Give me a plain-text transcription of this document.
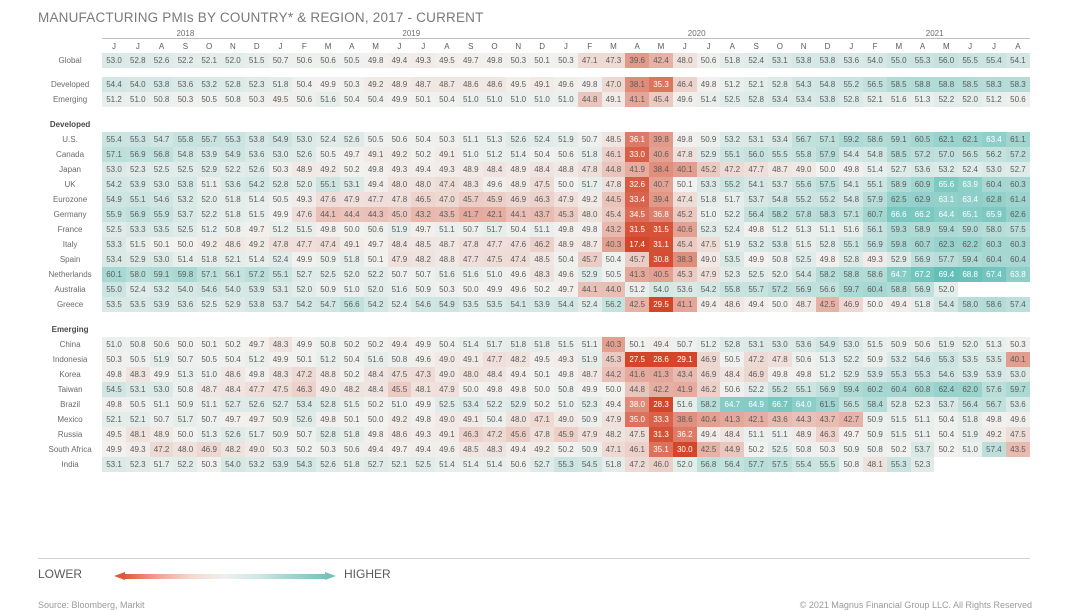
MANUFACTURING PMIs BY COUNTRY* & REGION, 2017 - CURRENT
	2018							2019												2020												2021							

	J	J	A	S	O	N	D	J	F	M	A	M	J	J	A	S	O	N	D	J	F	M	A	M	J	J	A	S	O	N	D	J	F	M	A	M	J	J	A
Global	53.0	52.8	52.6	52.2	52.1	52.0	51.5	50.7	50.6	50.6	50.5	49.8	49.4	49.3	49.5	49.7	49.8	50.3	50.1	50.3	47.1	47.3	39.6	42.4	48.0	50.6	51.8	52.4	53.1	53.8	53.8	53.6	54.0	55.0	55.3	56.0	55.5	55.4	54.1

Developed	54.4	54.0	53.8	53.6	53.2	52.8	52.3	51.8	50.4	49.9	50.3	49.2	48.9	48.7	48.7	48.6	48.6	49.5	49.1	49.6	49.8	47.0	38.1	35.3	46.4	49.8	51.2	52.1	52.8	54.3	54.8	55.2	56.5	58.5	58.8	58.8	58.5	58.3	58.3
Emerging	51.2	51.0	50.8	50.3	50.5	50.8	50.3	49.5	50.6	51.6	50.4	50.4	49.9	50.1	50.4	51.0	51.0	51.0	51.0	51.0	44.8	49.1	41.1	45.4	49.6	51.4	52.5	52.8	53.4	53.4	53.8	52.8	52.1	51.6	51.3	52.2	52.0	51.2	50.6

Developed																																							
U.S.	55.4	55.3	54.7	55.8	55.7	55.3	53.8	54.9	53.0	52.4	52.6	50.5	50.6	50.4	50.3	51.1	51.3	52.6	52.4	51.9	50.7	48.5	36.1	39.8	49.8	50.9	53.2	53.1	53.4	56.7	57.1	59.2	58.6	59.1	60.5	62.1	62.1	63.4	61.1
Canada	57.1	56.9	56.8	54.8	53.9	54.9	53.6	53.0	52.6	50.5	49.7	49.1	49.2	50.2	49.1	51.0	51.2	51.4	50.4	50.6	51.8	46.1	33.0	40.6	47.8	52.9	55.1	56.0	55.5	55.8	57.9	54.4	54.8	58.5	57.2	57.0	56.5	56.2	57.2
Japan	53.0	52.3	52.5	52.5	52.9	52.2	52.6	50.3	48.9	49.2	50.2	49.8	49.3	49.4	49.3	48.9	48.4	48.9	48.4	48.8	47.8	44.8	41.9	38.4	40.1	45.2	47.2	47.7	48.7	49.0	50.0	49.8	51.4	52.7	53.6	53.2	52.4	53.0	52.7
UK	54.2	53.9	53.0	53.8	51.1	53.6	54.2	52.8	52.0	55.1	53.1	49.4	48.0	48.0	47.4	48.3	49.6	48.9	47.5	50.0	51.7	47.8	32.6	40.7	50.1	53.3	55.2	54.1	53.7	55.6	57.5	54.1	55.1	58.9	60.9	65.6	63.9	60.4	60.3
Eurozone	54.9	55.1	54.6	53.2	52.0	51.8	51.4	50.5	49.3	47.6	47.9	47.7	47.8	46.5	47.0	45.7	45.9	46.9	46.3	47.9	49.2	44.5	33.4	39.4	47.4	51.8	51.7	53.7	54.8	55.2	55.2	54.8	57.9	62.5	62.9	63.1	63.4	62.8	61.4
Germany	55.9	56.9	55.9	53.7	52.2	51.8	51.5	49.9	47.6	44.1	44.4	44.3	45.0	43.2	43.5	41.7	42.1	44.1	43.7	45.3	48.0	45.4	34.5	36.8	45.2	51.0	52.2	56.4	58.2	57.8	58.3	57.1	60.7	66.6	66.2	64.4	65.1	65.9	62.6
France	52.5	53.3	53.5	52.5	51.2	50.8	49.7	51.2	51.5	49.8	50.0	50.6	51.9	49.7	51.1	50.7	51.7	50.4	51.1	49.8	49.8	43.2	31.5	31.5	40.6	52.3	52.4	49.8	51.2	51.3	51.1	51.6	56.1	59.3	58.9	59.4	59.0	58.0	57.5
Italy	53.3	51.5	50.1	50.0	49.2	48.6	49.2	47.8	47.7	47.4	49.1	49.7	48.4	48.5	48.7	47.8	47.7	47.6	46.2	48.9	48.7	40.3	17.4	31.1	45.4	47.5	51.9	53.2	53.8	51.5	52.8	55.1	56.9	59.8	60.7	62.3	62.2	60.3	60.3
Spain	53.4	52.9	53.0	51.4	51.8	52.1	51.4	52.4	49.9	50.9	51.8	50.1	47.9	48.2	48.8	47.7	47.5	47.4	48.5	50.4	45.7	50.4	45.7	30.8	38.3	49.0	53.5	49.9	50.8	52.5	49.8	52.8	49.3	52.9	56.9	57.7	59.4	60.4	60.4
Netherlands	60.1	58.0	59.1	59.8	57.1	56.1	57.2	55.1	52.7	52.5	52.0	52.2	50.7	50.7	51.6	51.6	51.0	49.6	48.3	49.6	52.9	50.5	41.3	40.5	45.3	47.9	52.3	52.5	52.0	54.4	58.2	58.8	58.6	64.7	67.2	69.4	68.8	67.4	63.8
Australia	55.0	52.4	53.2	54.0	54.6	54.0	53.9	53.1	52.0	50.9	51.0	52.0	51.6	50.9	50.3	50.0	49.9	49.6	50.2	49.7	44.1	44.0	51.2	54.0	53.6	54.2	55.8	55.7	57.2	56.9	56.6	59.7	60.4	58.8	56.9	52.0			
Greece	53.5	53.5	53.9	53.6	52.5	52.9	53.8	53.7	54.2	54.7	56.6	54.2	52.4	54.6	54.9	53.5	53.5	54.1	53.9	54.4	52.4	56.2	42.5	29.5	41.1	49.4	48.6	49.4	50.0	48.7	42.5	46.9	50.0	49.4	51.8	54.4	58.0	58.6	57.4

Emerging																																							
China	51.0	50.8	50.6	50.0	50.1	50.2	49.7	48.3	49.9	50.8	50.2	50.2	49.4	49.9	50.4	51.4	51.7	51.8	51.8	51.5	51.1	40.3	50.1	49.4	50.7	51.2	52.8	53.1	53.0	53.6	54.9	53.0	51.5	50.9	50.6	51.9	52.0	51.3	50.3
Indonesia	50.3	50.5	51.9	50.7	50.5	50.4	51.2	49.9	50.1	51.2	50.4	51.6	50.8	49.6	49.0	49.1	47.7	48.2	49.5	49.3	51.9	45.3	27.5	28.6	29.1	46.9	50.5	47.2	47.8	50.6	51.3	52.2	50.9	53.2	54.6	55.3	53.5	53.5	40.1
Korea	49.8	48.3	49.9	51.3	51.0	48.6	49.8	48.3	47.2	48.8	50.2	48.4	47.5	47.3	49.0	48.0	48.4	49.4	50.1	49.8	48.7	44.2	41.6	41.3	43.4	46.9	48.4	46.9	49.8	49.8	51.2	52.9	53.9	55.3	55.3	54.6	53.9	53.9	53.0
Taiwan	54.5	53.1	53.0	50.8	48.7	48.4	47.7	47.5	46.3	49.0	48.2	48.4	45.5	48.1	47.9	50.0	49.8	49.8	50.0	50.8	49.9	50.0	44.8	42.2	41.9	46.2	50.6	52.2	55.2	55.1	56.9	59.4	60.2	60.4	60.8	62.4	62.0	57.6	59.7
Brazil	49.8	50.5	51.1	50.9	51.1	52.7	52.6	52.7	53.4	52.8	51.5	50.2	51.0	49.9	52.5	53.4	52.2	52.9	50.2	51.0	52.3	49.4	38.0	28.3	51.6	58.2	64.7	64.9	66.7	64.0	61.5	56.5	58.4	52.8	52.3	53.7	56.4	56.7	53.6
Mexico	52.1	52.1	50.7	51.7	50.7	49.7	49.7	50.9	52.6	49.8	50.1	50.0	49.2	49.8	49.0	49.1	50.4	48.0	47.1	49.0	50.9	47.9	35.0	33.3	38.6	40.4	41.3	42.1	43.6	44.3	43.7	42.7	50.9	51.5	51.1	50.4	51.8	49.8	49.6
Russia	49.5	48.1	48.9	50.0	51.3	52.6	51.7	50.9	50.7	52.8	51.8	49.8	48.6	49.3	49.1	46.3	47.2	45.6	47.8	45.9	47.9	48.2	47.5	31.3	36.2	49.4	48.4	51.1	51.1	48.9	46.3	49.7	50.9	51.5	51.1	50.4	51.9	49.2	47.5
South Africa	49.9	49.3	47.2	48.0	46.9	48.2	49.0	50.3	50.2	50.3	50.6	49.4	49.7	49.4	49.6	48.5	48.3	49.4	49.2	50.2	50.9	47.1	46.1	35.1	30.0	42.5	44.9	50.2	52.5	50.8	50.3	50.9	50.8	50.2	53.7	50.2	51.0	57.4	43.5
India	53.1	52.3	51.7	52.2	50.3	54.0	53.2	53.9	54.3	52.6	51.8	52.7	52.1	52.5	51.4	51.4	51.4	50.6	52.7	55.3	54.5	51.8	47.2	46.0	52.0	56.8	56.4	57.7	57.5	55.4	55.5	50.8	48.1	55.3	52.3				
LOWER	HIGHER
Source: Bloomberg, Markit	© 2021 Magnus Financial Group LLC. All Rights Reserved
